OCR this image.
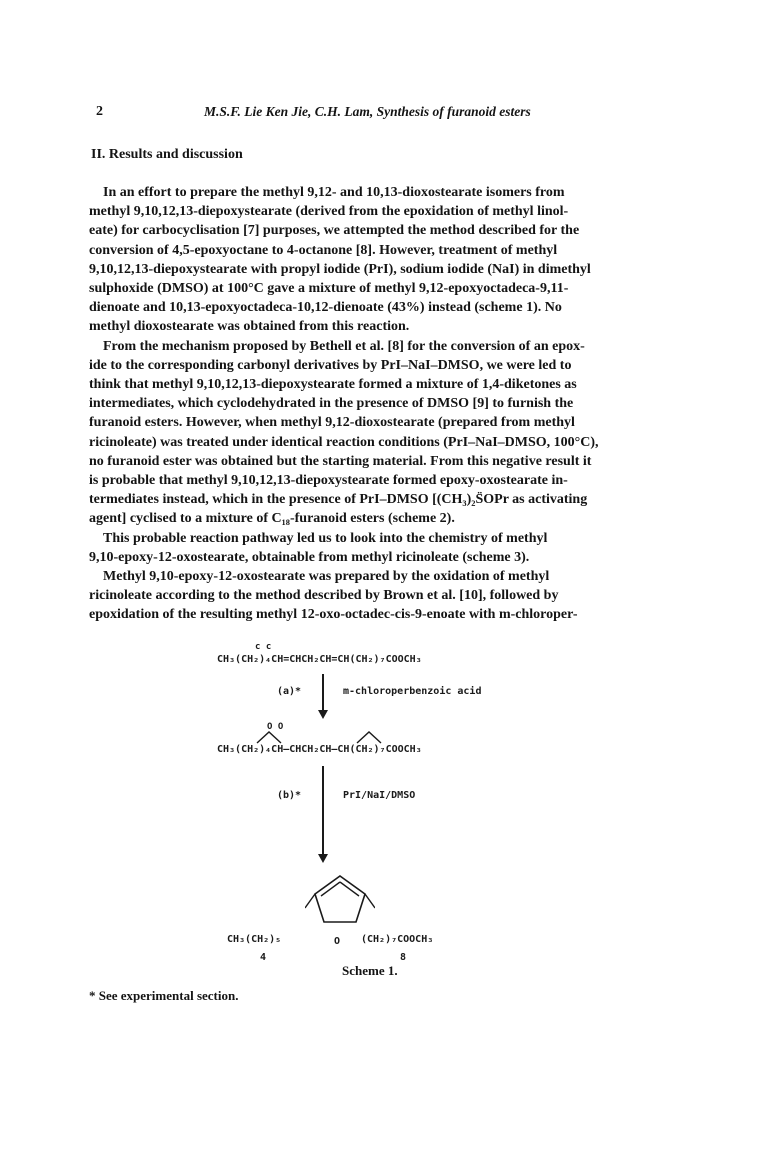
2	M.S.F. Lie Ken Jie, C.H. Lam, Synthesis of furanoid esters
II. Results and discussion

In an effort to prepare the methyl 9,12- and 10,13-dioxostearate isomers from
methyl 9,10,12,13-diepoxystearate (derived from the epoxidation of methyl linol-
eate) for carbocyclisation [7] purposes, we attempted the method described for the
conversion of 4,5-epoxyoctane to 4-octanone [8]. However, treatment of methyl
9,10,12,13-diepoxystearate with propyl iodide (PrI), sodium iodide (NaI) in dimethyl
sulphoxide (DMSO) at 100°C gave a mixture of methyl 9,12-epoxyoctadeca-9,11-
dienoate and 10,13-epoxyoctadeca-10,12-dienoate (43%) instead (scheme 1). No
methyl dioxostearate was obtained from this reaction.

From the mechanism proposed by Bethell et al. [8] for the conversion of an epox-
ide to the corresponding carbonyl derivatives by PrI–NaI–DMSO, we were led to
think that methyl 9,10,12,13-diepoxystearate formed a mixture of 1,4-diketones as
intermediates, which cyclodehydrated in the presence of DMSO [9] to furnish the
furanoid esters. However, when methyl 9,12-dioxostearate (prepared from methyl
ricinoleate) was treated under identical reaction conditions (PrI–NaI–DMSO, 100°C),
no furanoid ester was obtained but the starting material. From this negative result it
is probable that methyl 9,10,12,13-diepoxystearate formed epoxy-oxostearate in-
termediates instead, which in the presence of PrI–DMSO [(CH₃)₂S̈OPr as activating
agent] cyclised to a mixture of C₁₈-furanoid esters (scheme 2).

This probable reaction pathway led us to look into the chemistry of methyl
9,10-epoxy-12-oxostearate, obtainable from methyl ricinoleate (scheme 3).

Methyl 9,10-epoxy-12-oxostearate was prepared by the oxidation of methyl
ricinoleate according to the method described by Brown et al. [10], followed by
epoxidation of the resulting methyl 12-oxo-octadec-cis-9-enoate with m-chloroper-

c c
CH₃(CH₂)₄CH=CHCH₂CH=CH(CH₂)₇COOCH₃
(a)*	m-chloroperbenzoic acid
O O
CH₃(CH₂)₄CH–CHCH₂CH–CH(CH₂)₇COOCH₃
(b)*	PrI/NaI/DMSO
CH₃(CH₂)₅	O (CH₂)₇COOCH₃
4	8
Scheme 1.
* See experimental section.
